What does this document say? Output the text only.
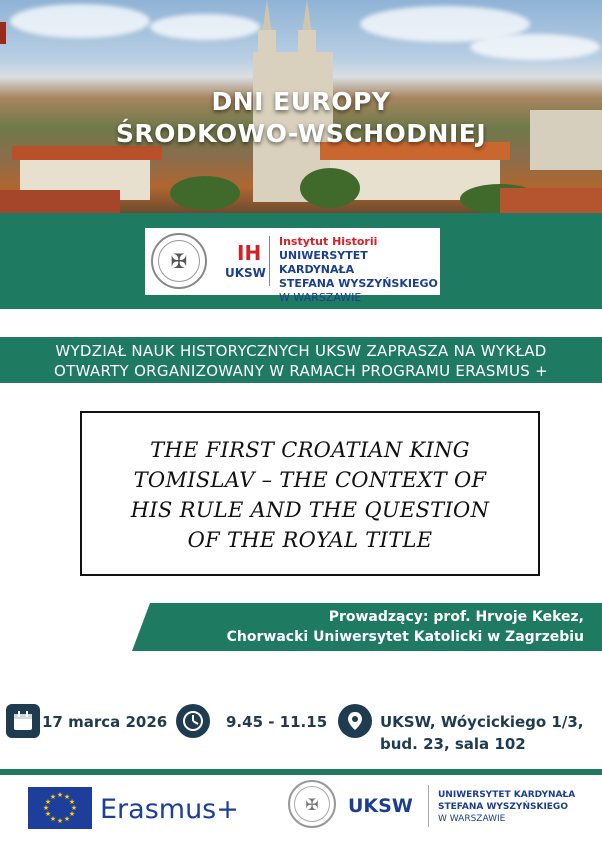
DNI EUROPY
ŚRODKOWO-WSCHODNIEJ
✠	IH
UKSW
Instytut Historii
UNIWERSYTET KARDYNAŁA
STEFANA WYSZYŃSKIEGO
W WARSZAWIE
WYDZIAŁ NAUK HISTORYCZNYCH UKSW ZAPRASZA NA WYKŁAD
OTWARTY ORGANIZOWANY W RAMACH PROGRAMU ERASMUS +
THE FIRST CROATIAN KING
TOMISLAV – THE CONTEXT OF
HIS RULE AND THE QUESTION
OF THE ROYAL TITLE
Prowadzący: prof. Hrvoje Kekez,
Chorwacki Uniwersytet Katolicki w Zagrzebiu
17 marca 2026	9.45 - 11.15	UKSW, Wóycickiego 1/3,
bud. 23, sala 102
★ ★
★
★
★
★
★
★
★
★
★
★ Erasmus+	✠	UKSW	UNIWERSYTET KARDYNAŁA
STEFANA WYSZYŃSKIEGO
W WARSZAWIE
